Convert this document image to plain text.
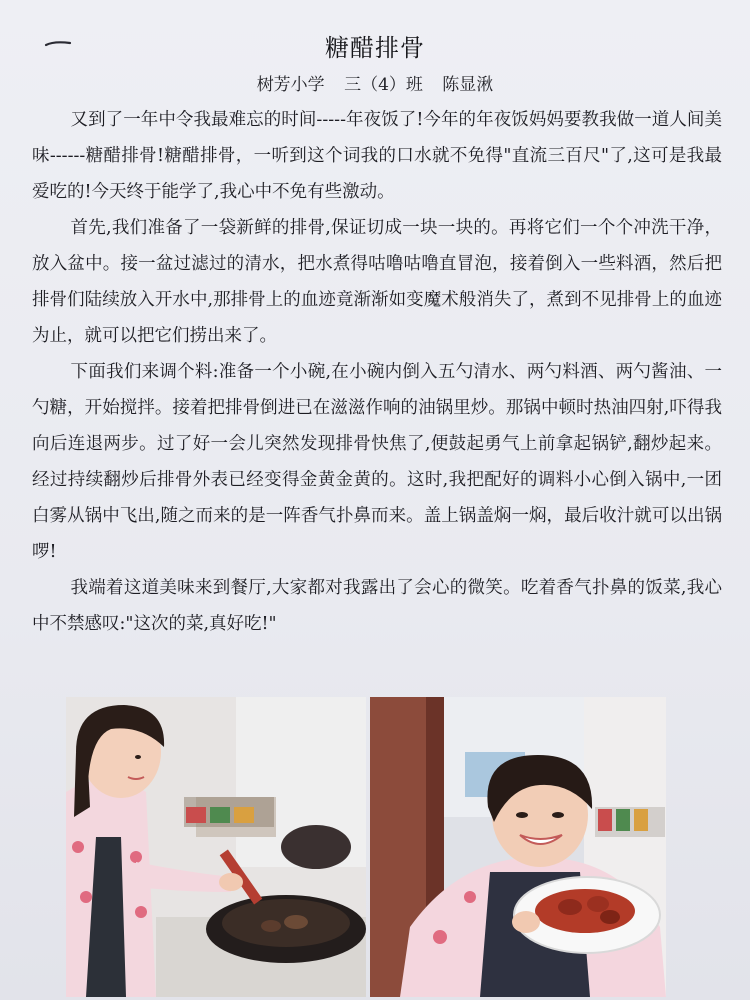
糖醋排骨
树芳小学 三（4）班 陈显湫

又到了一年中令我最难忘的时间-----年夜饭了!今年的年夜饭妈妈要教我做一道人间美味------糖醋排骨!糖醋排骨，一听到这个词我的口水就不免得"直流三百尺"了,这可是我最爱吃的!今天终于能学了,我心中不免有些激动。

首先,我们准备了一袋新鲜的排骨,保证切成一块一块的。再将它们一个个冲洗干净，放入盆中。接一盆过滤过的清水，把水煮得咕噜咕噜直冒泡，接着倒入一些料酒，然后把排骨们陆续放入开水中,那排骨上的血迹竟渐渐如变魔术般消失了，煮到不见排骨上的血迹为止，就可以把它们捞出来了。

下面我们来调个料:准备一个小碗,在小碗内倒入五勺清水、两勺料酒、两勺酱油、一勺糖，开始搅拌。接着把排骨倒进已在滋滋作响的油锅里炒。那锅中顿时热油四射,吓得我向后连退两步。过了好一会儿突然发现排骨快焦了,便鼓起勇气上前拿起锅铲,翻炒起来。经过持续翻炒后排骨外表已经变得金黄金黄的。这时,我把配好的调料小心倒入锅中,一团白雾从锅中飞出,随之而来的是一阵香气扑鼻而来。盖上锅盖焖一焖，最后收汁就可以出锅啰!

我端着这道美味来到餐厅,大家都对我露出了会心的微笑。吃着香气扑鼻的饭菜,我心中不禁感叹:"这次的菜,真好吃!"
